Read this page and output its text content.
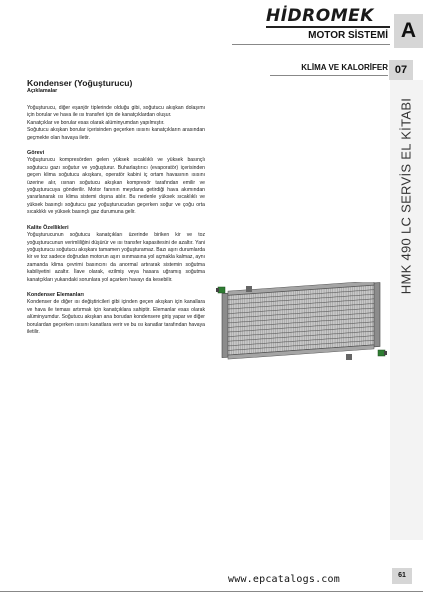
HİDROMEK
MOTOR SİSTEMİ A
KLİMA VE KALORİFER 07
HMK 490 LC SERVİS EL KİTABI

Kondenser (Yoğuşturucu)

Açıklamalar

Yoğuşturucu, diğer eşanjör tiplerinde olduğu gibi, soğutucu akışkan dolaşımı için borular ve hava ile ısı transferi için de kanatçıklardan oluşur.

Kanatçıklar ve borular esas olarak alüminyumdan yapılmıştır.

Soğutucu akışkan borular içerisinden geçerken ısısını kanatçıkların arasından geçmekte olan havaya iletir.

Görevi

Yoğuşturucu kompresörden gelen yüksek sıcaklıklı ve yüksek basınçlı soğutucu gazı soğutur ve yoğuşturur. Buharlaştırıcı (evaporatör) içerisinden geçen klima soğutucu akışkanı, operatör kabini iç ortam havasının ısısını üzerine alır, ısınan soğutucu akışkan kompresör tarafından emilir ve yoğuşturucuya gönderilir. Motor fanının meydana getirdiği hava akımından yararlanarak ısı klima sistemi dışına atılır. Bu nedenle yüksek sıcaklıklı ve yüksek basınçlı soğutucu gaz yoğuşturucudan geçerken soğur ve çoğu orta sıcaklıklı ve yüksek basınçlı gaz durumuna gelir.

Kalite Özellikleri

Yoğuşturucunun soğutucu kanatçıkları üzerinde biriken kir ve toz yoğuşturucunun verimliliğini düşürür ve ısı transfer kapasitesini de azaltır. Yani yoğuşturucu soğutucu akışkanı tamamen yoğuşturamaz. Bazı aşırı durumlarda kir ve toz sadece doğrudan motorun aşırı ısınmasına yol açmakla kalmaz, aynı zamanda klima çevrimi basıncını da anormal artırarak sistemin soğutma kabiliyetini azaltır. İlave olarak, ezilmiş veya hasara uğramış soğutma kanatçıkları yukarıdaki sorunlara yol açarken havayı da kesebilir.

Kondenser Elemanları

Kondenser de diğer ısı değiştiricileri gibi içinden geçen akışkan için kanallara ve hava ile teması artırmak için kanatçıklara sahiptir. Elemanlar esas olarak alüminyumdur. Soğutucu akışkan ana borudan kondensere giriş yapar ve diğer borulardan geçerken ısısını kanatlara verir ve bu ısı kanatlar tarafından havaya iletilir.

www.epcatalogs.com	61
